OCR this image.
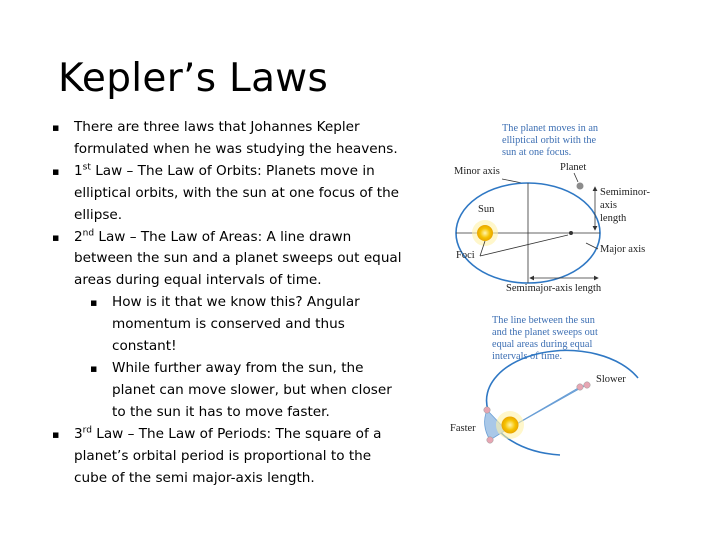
Kepler’s Laws
▪ There are three laws that Johannes Kepler formulated when he was studying the heavens.
▪ 1st Law – The Law of Orbits: Planets move in elliptical orbits, with the sun at one focus of the ellipse.
▪ 2nd Law – The Law of Areas: A line drawn between the sun and a planet sweeps out equal areas during equal intervals of time.
▪ How is it that we know this? Angular momentum is conserved and thus constant!
▪ While further away from the sun, the planet can move slower, but when closer to the sun it has to move faster.
▪ 3rd Law – The Law of Periods: The square of a planet’s orbital period is proportional to the cube of the semi major-axis length.
The planet moves in an
elliptical orbit with the
sun at one focus.
Minor axis	Planet
Sun
Semiminor-
axis
length
Major axis
Foci
Semimajor-axis length
The line between the sun
and the planet sweeps out
equal areas during equal
intervals of time.
Slower
Faster
